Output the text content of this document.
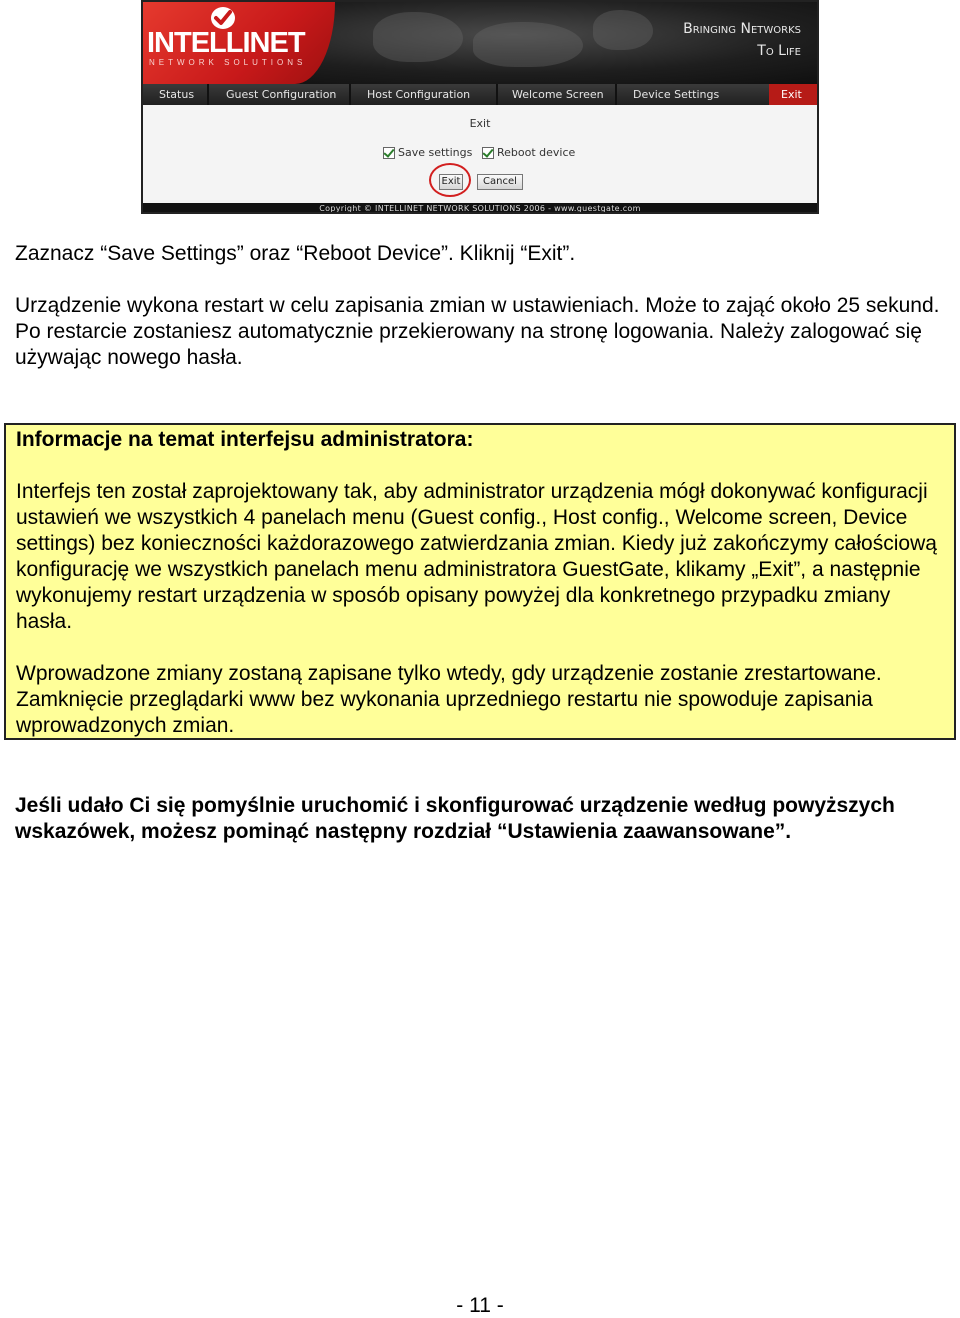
INTELLINET
NETWORK SOLUTIONS
Bringing Networks
To Life
Status	Guest Configuration	Host Configuration	Welcome Screen	Device Settings	Exit
Exit
Save settings Reboot device
Exit	Cancel
Copyright © INTELLINET NETWORK SOLUTIONS 2006 - www.guestgate.com

Zaznacz “Save Settings” oraz “Reboot Device”. Kliknij “Exit”.

Urządzenie wykona restart w celu zapisania zmian w ustawieniach. Może to zająć około 25 sekund. Po restarcie zostaniesz automatycznie przekierowany na stronę logowania. Należy zalogować się używając nowego hasła.

Informacje na temat interfejsu administratora:

Interfejs ten został zaprojektowany tak, aby administrator urządzenia mógł dokonywać konfiguracji ustawień we wszystkich 4 panelach menu (Guest config., Host config., Welcome screen, Device settings) bez konieczności każdorazowego zatwierdzania zmian. Kiedy już zakończymy całościową konfigurację we wszystkich panelach menu administratora GuestGate, klikamy „Exit”, a następnie wykonujemy restart urządzenia w sposób opisany powyżej dla konkretnego przypadku zmiany hasła.

Wprowadzone zmiany zostaną zapisane tylko wtedy, gdy urządzenie zostanie zrestartowane. Zamknięcie przeglądarki www bez wykonania uprzedniego restartu nie spowoduje zapisania wprowadzonych zmian.

Jeśli udało Ci się pomyślnie uruchomić i skonfigurować urządzenie według powyższych wskazówek, możesz pominąć następny rozdział “Ustawienia zaawansowane”.

- 11 -
